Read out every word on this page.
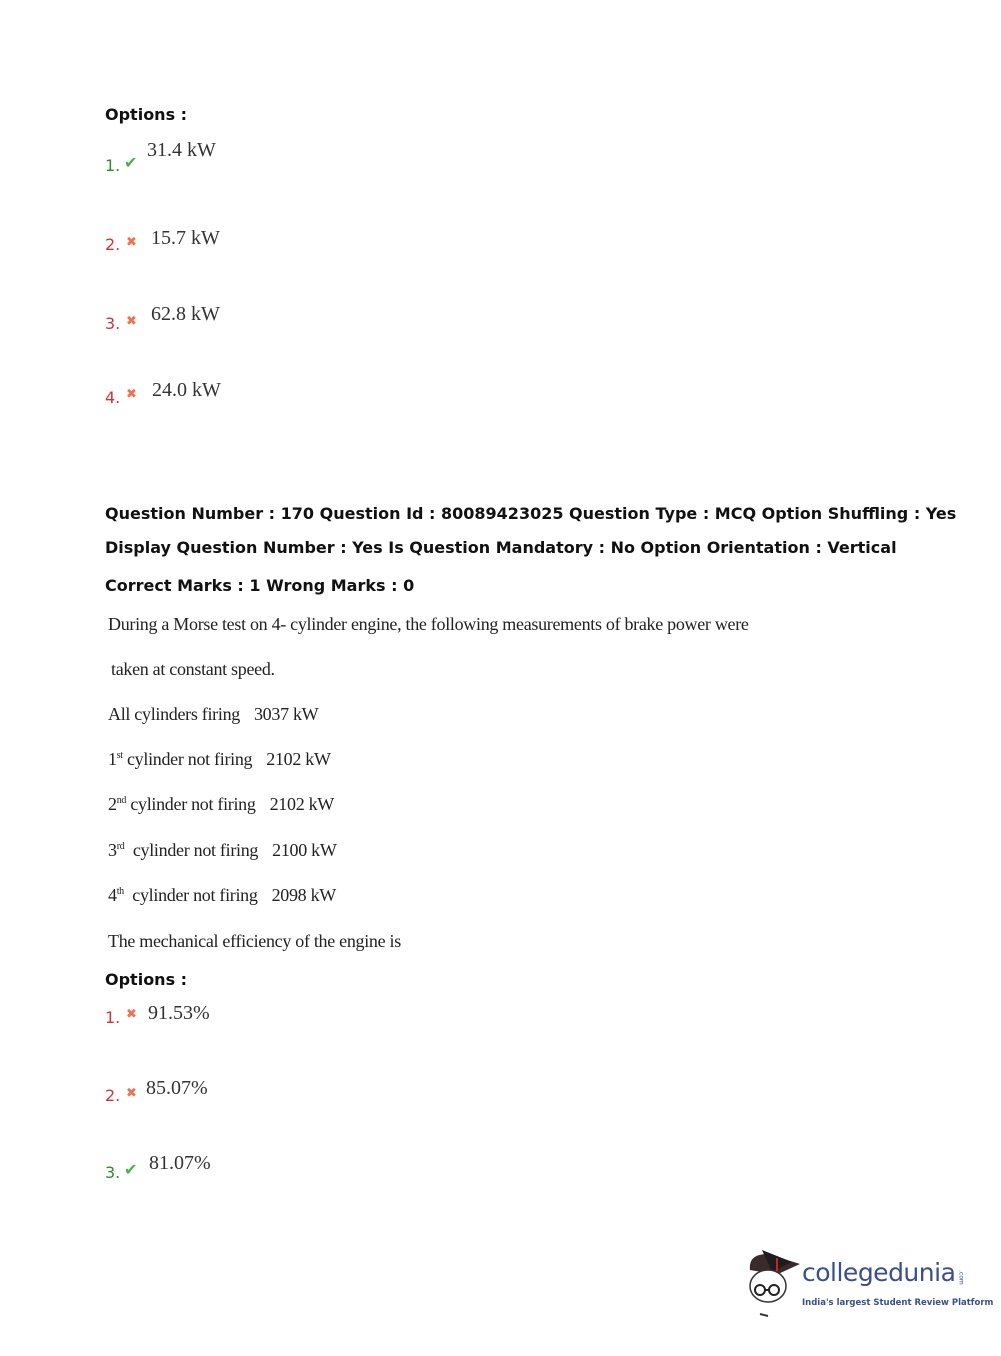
Options :
1. ✔
31.4 kW
2. ✖ 15.7 kW
3. ✖ 62.8 kW
4. ✖ 24.0 kW
Question Number : 170 Question Id : 80089423025 Question Type : MCQ Option Shuffling : Yes
Display Question Number : Yes Is Question Mandatory : No Option Orientation : Vertical
Correct Marks : 1 Wrong Marks : 0
During a Morse test on 4- cylinder engine, the following measurements of brake power were
taken at constant speed.
All cylinders firing 3037 kW
1st cylinder not firing 2102 kW
2nd cylinder not firing 2102 kW
3rd cylinder not firing 2100 kW
4th cylinder not firing 2098 kW
The mechanical efficiency of the engine is
Options :
1. ✖ 91.53%
2. ✖ 85.07%
3. ✔ 81.07%
collegedunia .com
India's largest Student Review Platform
